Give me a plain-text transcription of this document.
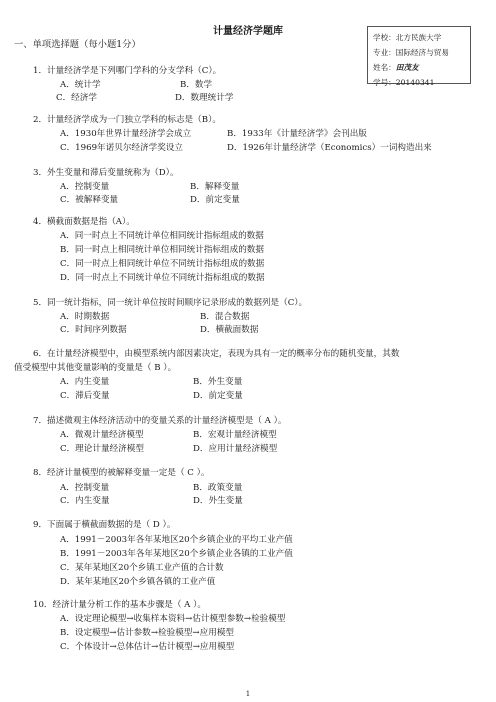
计量经济学题库
一、单项选择题（每小题1分）
学校：北方民族大学
专业：国际经济与贸易
姓名：田茂友
学号：20140341
1．计量经济学是下列哪门学科的分支学科（C）。
A．统计学	B．数学
C．经济学	D．数理统计学
2．计量经济学成为一门独立学科的标志是（B）。
A．1930年世界计量经济学会成立	B．1933年《计量经济学》会刊出版
C．1969年诺贝尔经济学奖设立	D．1926年计量经济学（Economics）一词构造出来
3．外生变量和滞后变量统称为（D）。
A．控制变量	B．解释变量
C．被解释变量	D．前定变量
4．横截面数据是指（A）。
A．同一时点上不同统计单位相同统计指标组成的数据
B．同一时点上相同统计单位相同统计指标组成的数据
C．同一时点上相同统计单位不同统计指标组成的数据
D．同一时点上不同统计单位不同统计指标组成的数据
5．同一统计指标，同一统计单位按时间顺序记录形成的数据列是（C）。
A．时期数据	B．混合数据
C．时间序列数据	D．横截面数据
6．在计量经济模型中，由模型系统内部因素决定，表现为具有一定的概率分布的随机变量，其数
值受模型中其他变量影响的变量是（ B ）。
A．内生变量	B．外生变量
C．滞后变量	D．前定变量
7．描述微观主体经济活动中的变量关系的计量经济模型是（ A ）。
A．微观计量经济模型	B．宏观计量经济模型
C．理论计量经济模型	D．应用计量经济模型
8．经济计量模型的被解释变量一定是（ C ）。
A．控制变量	B．政策变量
C．内生变量	D．外生变量
9．下面属于横截面数据的是（ D ）。
A．1991－2003年各年某地区20个乡镇企业的平均工业产值
B．1991－2003年各年某地区20个乡镇企业各镇的工业产值
C．某年某地区20个乡镇工业产值的合计数
D．某年某地区20个乡镇各镇的工业产值
10．经济计量分析工作的基本步骤是（ A ）。
A．设定理论模型→收集样本资料→估计模型参数→检验模型
B．设定模型→估计参数→检验模型→应用模型
C．个体设计→总体估计→估计模型→应用模型
1
